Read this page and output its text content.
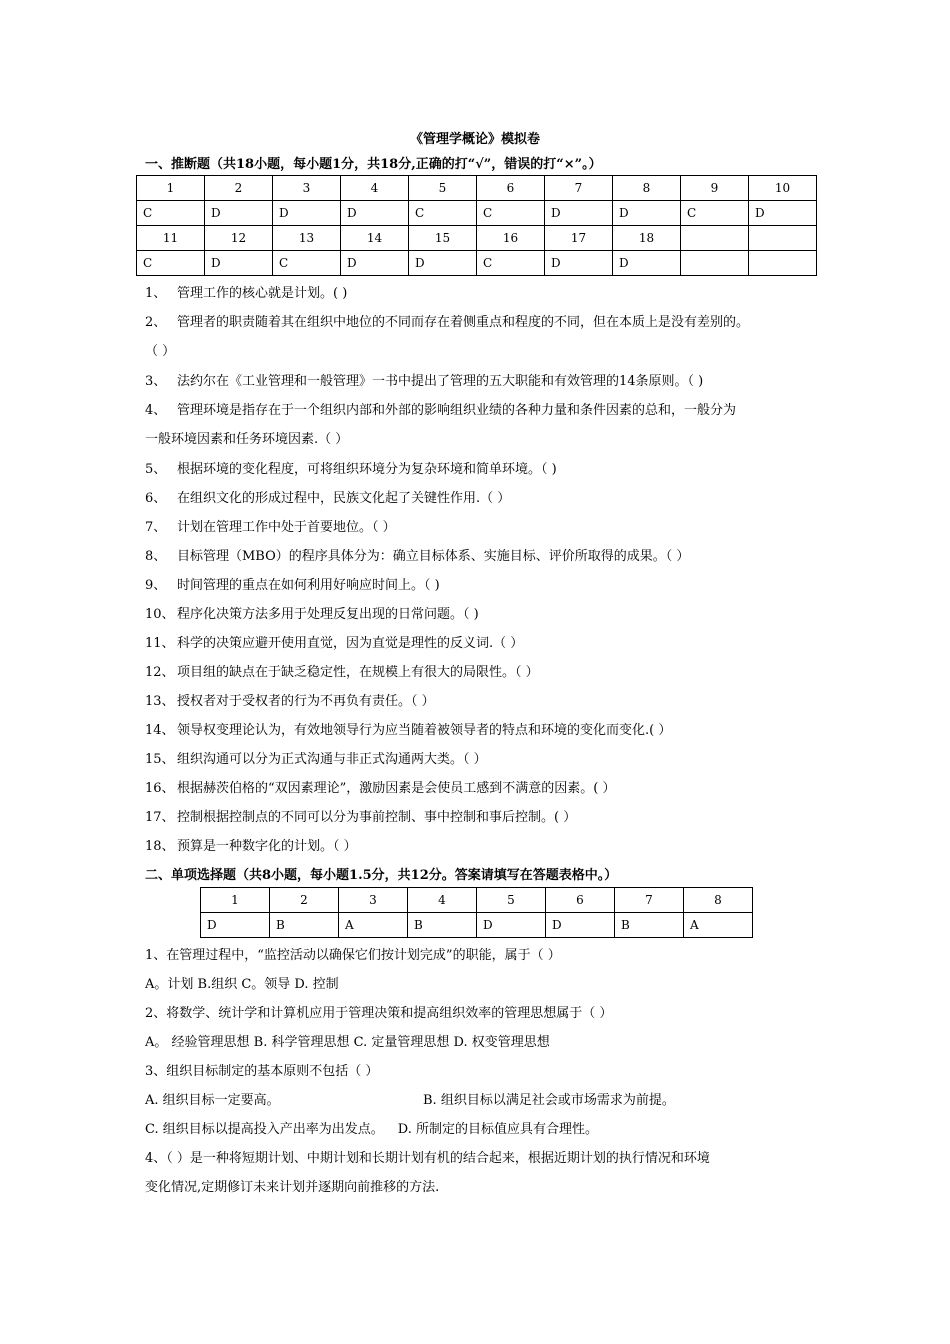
《管理学概论》模拟卷
一、推断题（共18小题，每小题1分，共18分,正确的打“√”，错误的打“×”。）
1	2	3	4	5	6	7	8	9	10
C	D	D	D	C	C	D	D	C	D
11	12	13	14	15	16	17	18		
C	D	C	D	D	C	D	D		
1、 管理工作的核心就是计划。( )
2、 管理者的职责随着其在组织中地位的不同而存在着侧重点和程度的不同，但在本质上是没有差别的。
（ ）
3、 法约尔在《工业管理和一般管理》一书中提出了管理的五大职能和有效管理的14条原则。（ )
4、 管理环境是指存在于一个组织内部和外部的影响组织业绩的各种力量和条件因素的总和，一般分为
一般环境因素和任务环境因素.（ ）
5、 根据环境的变化程度，可将组织环境分为复杂环境和简单环境。（ )
6、 在组织文化的形成过程中，民族文化起了关键性作用.（ ）
7、 计划在管理工作中处于首要地位。（ ）
8、 目标管理（MBO）的程序具体分为：确立目标体系、实施目标、评价所取得的成果。（ ）
9、 时间管理的重点在如何利用好响应时间上。（ )
10、 程序化决策方法多用于处理反复出现的日常问题。（ )
11、 科学的决策应避开使用直觉，因为直觉是理性的反义词.（ ）
12、 项目组的缺点在于缺乏稳定性，在规模上有很大的局限性。（ ）
13、 授权者对于受权者的行为不再负有责任。（ ）
14、 领导权变理论认为，有效地领导行为应当随着被领导者的特点和环境的变化而变化.( ）
15、 组织沟通可以分为正式沟通与非正式沟通两大类。（ ）
16、 根据赫茨伯格的“双因素理论”，激励因素是会使员工感到不满意的因素。( ）
17、 控制根据控制点的不同可以分为事前控制、事中控制和事后控制。( ）
18、 预算是一种数字化的计划。（ ）
二、单项选择题（共8小题，每小题1.5分，共12分。答案请填写在答题表格中。）
1	2	3	4	5	6	7	8
D	B	A	B	D	D	B	A
1、在管理过程中，“监控活动以确保它们按计划完成”的职能，属于（ ）
A。计划 B.组织 C。领导 D. 控制
2、将数学、统计学和计算机应用于管理决策和提高组织效率的管理思想属于（ ）
A。 经验管理思想 B. 科学管理思想 C. 定量管理思想 D. 权变管理思想
3、组织目标制定的基本原则不包括（ ）
A. 组织目标一定要高。	B. 组织目标以满足社会或市场需求为前提。
C. 组织目标以提高投入产出率为出发点。 D. 所制定的目标值应具有合理性。
4、（ ）是一种将短期计划、中期计划和长期计划有机的结合起来，根据近期计划的执行情况和环境
变化情况,定期修订未来计划并逐期向前推移的方法.
